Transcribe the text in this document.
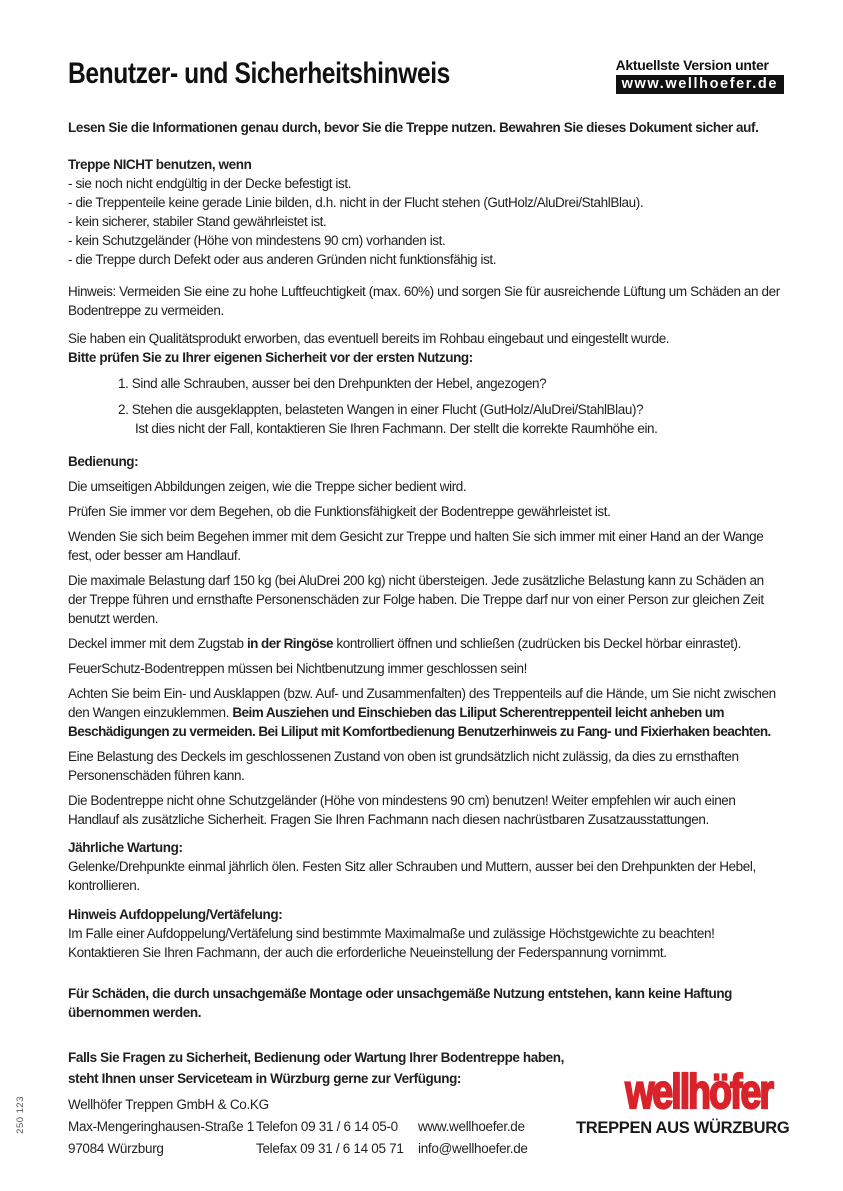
Benutzer- und Sicherheitshinweis	Aktuellste Version unter
www.wellhoefer.de

Lesen Sie die Informationen genau durch, bevor Sie die Treppe nutzen. Bewahren Sie dieses Dokument sicher auf.

Treppe NICHT benutzen, wenn

- sie noch nicht endgültig in der Decke befestigt ist.

- die Treppenteile keine gerade Linie bilden, d.h. nicht in der Flucht stehen (GutHolz/AluDrei/StahlBlau).

- kein sicherer, stabiler Stand gewährleistet ist.

- kein Schutzgeländer (Höhe von mindestens 90 cm) vorhanden ist.

- die Treppe durch Defekt oder aus anderen Gründen nicht funktionsfähig ist.

Hinweis: Vermeiden Sie eine zu hohe Luftfeuchtigkeit (max. 60%) und sorgen Sie für ausreichende Lüftung um Schäden an der Bodentreppe zu vermeiden.

Sie haben ein Qualitätsprodukt erworben, das eventuell bereits im Rohbau eingebaut und eingestellt wurde.

Bitte prüfen Sie zu Ihrer eigenen Sicherheit vor der ersten Nutzung:

1. Sind alle Schrauben, ausser bei den Drehpunkten der Hebel, angezogen?

2. Stehen die ausgeklappten, belasteten Wangen in einer Flucht (GutHolz/AluDrei/StahlBlau)?

Ist dies nicht der Fall, kontaktieren Sie Ihren Fachmann. Der stellt die korrekte Raumhöhe ein.

Bedienung:

Die umseitigen Abbildungen zeigen, wie die Treppe sicher bedient wird.

Prüfen Sie immer vor dem Begehen, ob die Funktionsfähigkeit der Bodentreppe gewährleistet ist.

Wenden Sie sich beim Begehen immer mit dem Gesicht zur Treppe und halten Sie sich immer mit einer Hand an der Wange fest, oder besser am Handlauf.

Die maximale Belastung darf 150 kg (bei AluDrei 200 kg) nicht übersteigen. Jede zusätzliche Belastung kann zu Schäden an der Treppe führen und ernsthafte Personenschäden zur Folge haben. Die Treppe darf nur von einer Person zur gleichen Zeit benutzt werden.

Deckel immer mit dem Zugstab in der Ringöse kontrolliert öffnen und schließen (zudrücken bis Deckel hörbar einrastet).

FeuerSchutz-Bodentreppen müssen bei Nichtbenutzung immer geschlossen sein!

Achten Sie beim Ein- und Ausklappen (bzw. Auf- und Zusammenfalten) des Treppenteils auf die Hände, um Sie nicht zwischen den Wangen einzuklemmen. Beim Ausziehen und Einschieben das Liliput Scherentreppenteil leicht anheben um Beschädigungen zu vermeiden. Bei Liliput mit Komfortbedienung Benutzerhinweis zu Fang- und Fixierhaken beachten.

Eine Belastung des Deckels im geschlossenen Zustand von oben ist grundsätzlich nicht zulässig, da dies zu ernsthaften Personenschäden führen kann.

Die Bodentreppe nicht ohne Schutzgeländer (Höhe von mindestens 90 cm) benutzen! Weiter empfehlen wir auch einen Handlauf als zusätzliche Sicherheit. Fragen Sie Ihren Fachmann nach diesen nachrüstbaren Zusatzausstattungen.

Jährliche Wartung:

Gelenke/Drehpunkte einmal jährlich ölen. Festen Sitz aller Schrauben und Muttern, ausser bei den Drehpunkten der Hebel, kontrollieren.

Hinweis Aufdoppelung/Vertäfelung:

Im Falle einer Aufdoppelung/Vertäfelung sind bestimmte Maximalmaße und zulässige Höchstgewichte zu beachten!

Kontaktieren Sie Ihren Fachmann, der auch die erforderliche Neueinstellung der Federspannung vornimmt.

Für Schäden, die durch unsachgemäße Montage oder unsachgemäße Nutzung entstehen, kann keine Haftung übernommen werden.

Falls Sie Fragen zu Sicherheit, Bedienung oder Wartung Ihrer Bodentreppe haben, steht Ihnen unser Serviceteam in Würzburg gerne zur Verfügung:

Wellhöfer Treppen GmbH & Co.KG

Max-Mengeringhausen-Straße 1 Telefon 09 31 / 6 14 05-0	www.wellhoefer.de
97084 Würzburg	Telefax 09 31 / 6 14 05 71	info@wellhoefer.de
wellhöfer
TREPPEN AUS WÜRZBURG
250 123
